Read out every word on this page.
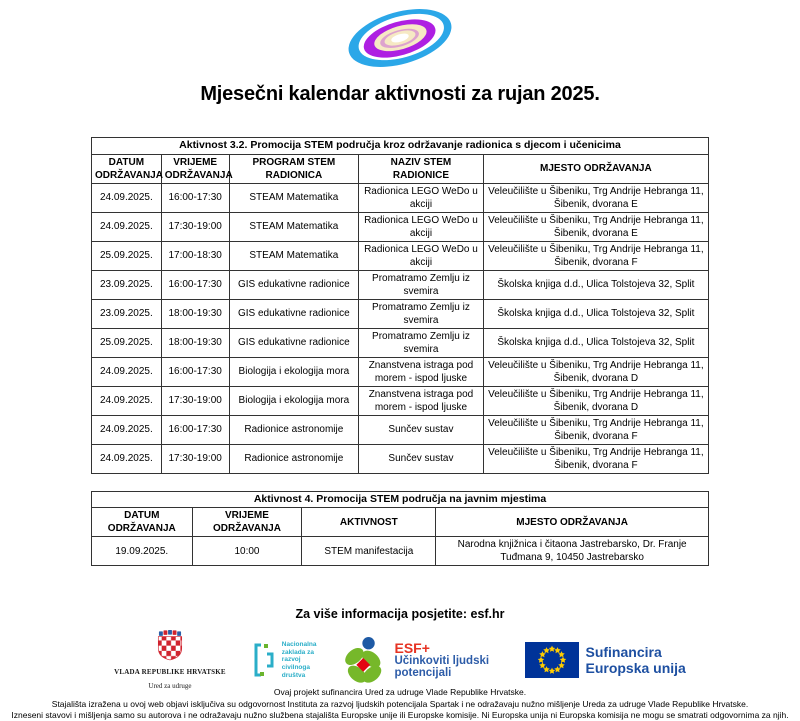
Mjesečni kalendar aktivnosti za rujan 2025.
Aktivnost 3.2. Promocija STEM područja kroz održavanje radionica s djecom i učenicima				
DATUM ODRŽAVANJA	VRIJEME ODRŽAVANJA	PROGRAM STEM RADIONICA	NAZIV STEM RADIONICE	MJESTO ODRŽAVANJA
24.09.2025.	16:00-17:30	STEAM Matematika	Radionica LEGO WeDo u akciji	Veleučilište u Šibeniku, Trg Andrije Hebranga 11, Šibenik, dvorana E
24.09.2025.	17:30-19:00	STEAM Matematika	Radionica LEGO WeDo u akciji	Veleučilište u Šibeniku, Trg Andrije Hebranga 11, Šibenik, dvorana E
25.09.2025.	17:00-18:30	STEAM Matematika	Radionica LEGO WeDo u akciji	Veleučilište u Šibeniku, Trg Andrije Hebranga 11, Šibenik, dvorana F
23.09.2025.	16:00-17:30	GIS edukativne radionice	Promatramo Zemlju iz svemira	Školska knjiga d.d., Ulica Tolstojeva 32, Split
23.09.2025.	18:00-19:30	GIS edukativne radionice	Promatramo Zemlju iz svemira	Školska knjiga d.d., Ulica Tolstojeva 32, Split
25.09.2025.	18:00-19:30	GIS edukativne radionice	Promatramo Zemlju iz svemira	Školska knjiga d.d., Ulica Tolstojeva 32, Split
24.09.2025.	16:00-17:30	Biologija i ekologija mora	Znanstvena istraga pod morem - ispod ljuske	Veleučilište u Šibeniku, Trg Andrije Hebranga 11, Šibenik, dvorana D
24.09.2025.	17:30-19:00	Biologija i ekologija mora	Znanstvena istraga pod morem - ispod ljuske	Veleučilište u Šibeniku, Trg Andrije Hebranga 11, Šibenik, dvorana D
24.09.2025.	16:00-17:30	Radionice astronomije	Sunčev sustav	Veleučilište u Šibeniku, Trg Andrije Hebranga 11, Šibenik, dvorana F
24.09.2025.	17:30-19:00	Radionice astronomije	Sunčev sustav	Veleučilište u Šibeniku, Trg Andrije Hebranga 11, Šibenik, dvorana F
Aktivnost 4. Promocija STEM područja na javnim mjestima			
DATUM ODRŽAVANJA	VRIJEME ODRŽAVANJA	AKTIVNOST	MJESTO ODRŽAVANJA
19.09.2025.	10:00	STEM manifestacija	Narodna knjižnica i čitaona Jastrebarsko, Dr. Franje Tuđmana 9, 10450 Jastrebarsko

Za više informacija posjetite: esf.hr

VLADA REPUBLIKE HRVATSKE
Ured za udruge
Nacionalna
zaklada za
razvoj
civilnoga
društva
ESF+
Učinkoviti ljudski potencijali
Sufinancira
Europska unija

Ovaj projekt sufinancira Ured za udruge Vlade Republike Hrvatske.

Stajališta izražena u ovoj web objavi isključiva su odgovornost Instituta za razvoj ljudskih potencijala Spartak i ne odražavaju nužno mišljenje Ureda za udruge Vlade Republike Hrvatske.

Izneseni stavovi i mišljenja samo su autorova i ne odražavaju nužno službena stajališta Europske unije ili Europske komisije. Ni Europska unija ni Europska komisija ne mogu se smatrati odgovornima za njih.
